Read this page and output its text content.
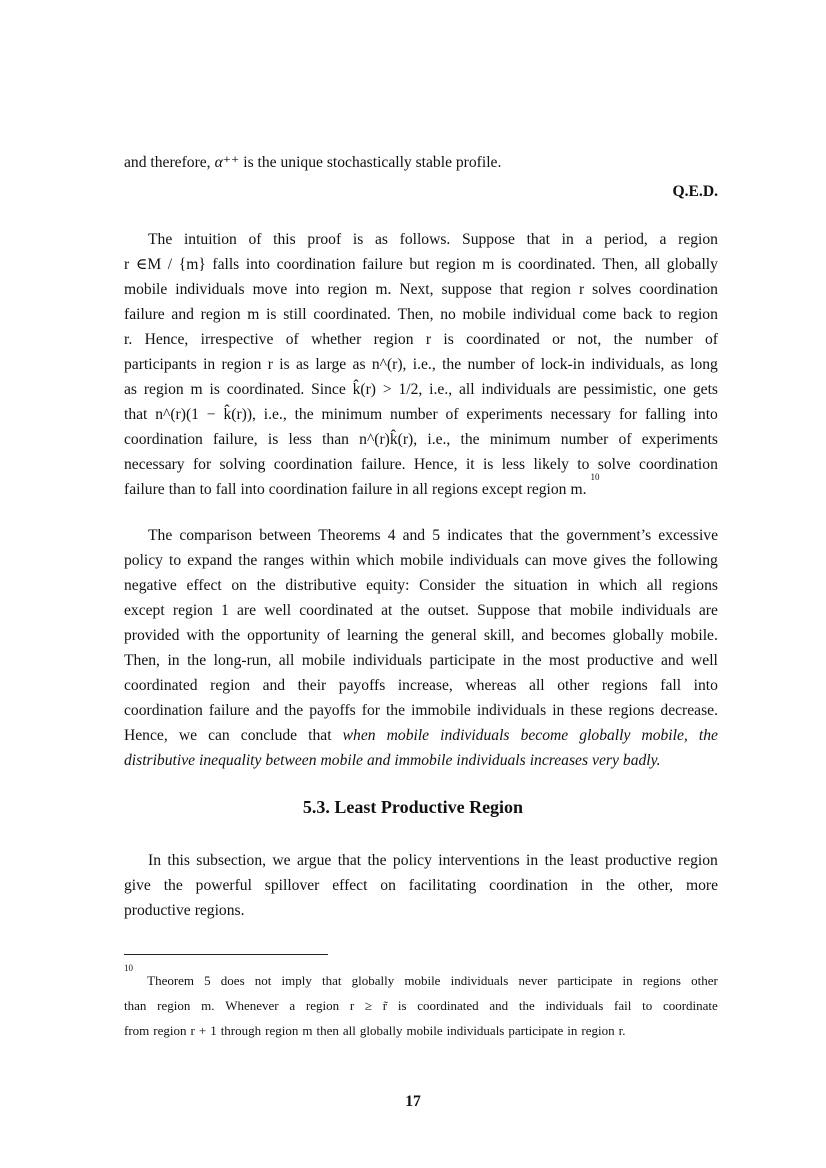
and therefore, α⁺⁺ is the unique stochastically stable profile.
Q.E.D.
The intuition of this proof is as follows. Suppose that in a period, a region
r ∈M / {m} falls into coordination failure but region m is coordinated. Then, all globally
mobile individuals move into region m. Next, suppose that region r solves coordination
failure and region m is still coordinated. Then, no mobile individual come back to region
r. Hence, irrespective of whether region r is coordinated or not, the number of
participants in region r is as large as n^(r), i.e., the number of lock-in individuals, as long
as region m is coordinated. Since k̂(r) > 1/2, i.e., all individuals are pessimistic, one gets
that n^(r)(1 − k̂(r)), i.e., the minimum number of experiments necessary for falling into
coordination failure, is less than n^(r)k̂(r), i.e., the minimum number of experiments
necessary for solving coordination failure. Hence, it is less likely to solve coordination
failure than to fall into coordination failure in all regions except region m.
10
The comparison between Theorems 4 and 5 indicates that the government’s excessive
policy to expand the ranges within which mobile individuals can move gives the following
negative effect on the distributive equity: Consider the situation in which all regions
except region 1 are well coordinated at the outset. Suppose that mobile individuals are
provided with the opportunity of learning the general skill, and becomes globally mobile.
Then, in the long-run, all mobile individuals participate in the most productive and well
coordinated region and their payoffs increase, whereas all other regions fall into
coordination failure and the payoffs for the immobile individuals in these regions decrease.
Hence, we can conclude that when mobile individuals become globally mobile, the
distributive inequality between mobile and immobile individuals increases very badly.
5.3. Least Productive Region
In this subsection, we argue that the policy interventions in the least productive region
give the powerful spillover effect on facilitating coordination in the other, more
productive regions.
10
Theorem 5 does not imply that globally mobile individuals never participate in regions other
than region m. Whenever a region r ≥ r̃ is coordinated and the individuals fail to coordinate
from region r + 1 through region m then all globally mobile individuals participate in region r.
17
